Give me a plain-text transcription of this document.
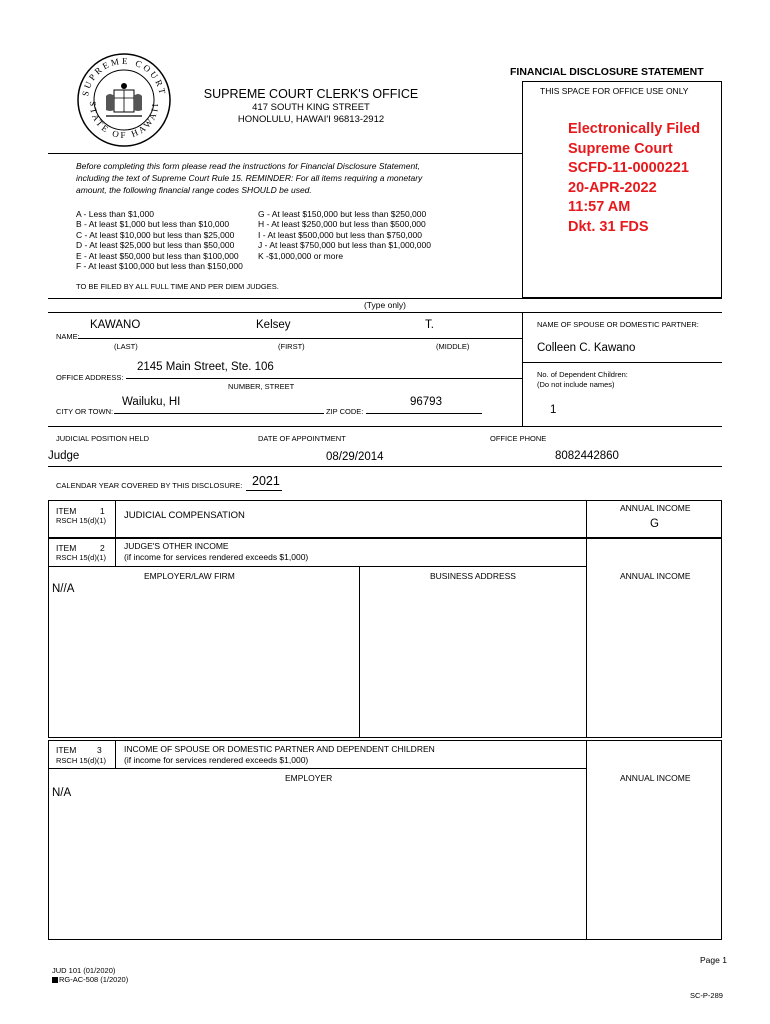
FINANCIAL DISCLOSURE STATEMENT
SUPREME COURT
STATE OF HAWAII
SUPREME COURT CLERK'S OFFICE
417 SOUTH KING STREET
HONOLULU, HAWAI'I 96813-2912
THIS SPACE FOR OFFICE USE ONLY
Electronically Filed
Supreme Court
SCFD-11-0000221
20-APR-2022
11:57 AM
Dkt. 31 FDS
Before completing this form please read the instructions for Financial Disclosure Statement,
including the text of Supreme Court Rule 15. REMINDER: For all items requiring a monetary
amount, the following financial range codes SHOULD be used.
A - Less than $1,000
B - At least $1,000 but less than $10,000
C - At least $10,000 but less than $25,000
D - At least $25,000 but less than $50,000
E - At least $50,000 but less than $100,000
F - At least $100,000 but less than $150,000
G - At least $150,000 but less than $250,000
H - At least $250,000 but less than $500,000
I - At least $500,000 but less than $750,000
J - At least $750,000 but less than $1,000,000
K -$1,000,000 or more
TO BE FILED BY ALL FULL TIME AND PER DIEM JUDGES.
(Type only)
NAME:
KAWANO	Kelsey	T.
(LAST)	(FIRST)	(MIDDLE)
NAME OF SPOUSE OR DOMESTIC PARTNER:
Colleen C. Kawano
OFFICE ADDRESS:
2145 Main Street, Ste. 106
NUMBER, STREET
No. of Dependent Children:
(Do not include names)
CITY OR TOWN:
Wailuku, HI
ZIP CODE:
96793
1
JUDICIAL POSITION HELD	DATE OF APPOINTMENT	OFFICE PHONE
Judge	08/29/2014	8082442860
CALENDAR YEAR COVERED BY THIS DISCLOSURE: 2021
ITEM	1
RSCH 15(d)(1) JUDICIAL COMPENSATION
ANNUAL INCOME
G
ITEM	2
RSCH 15(d)(1)
JUDGE'S OTHER INCOME
(if income for services rendered exceeds $1,000)
EMPLOYER/LAW FIRM	BUSINESS ADDRESS	ANNUAL INCOME
N//A
ITEM 3
RSCH 15(d)(1)
INCOME OF SPOUSE OR DOMESTIC PARTNER AND DEPENDENT CHILDREN
(if income for services rendered exceeds $1,000)
EMPLOYER	ANNUAL INCOME
N/A
Page 1
JUD 101 (01/2020)
RG-AC-508 (1/2020)
SC-P-289
